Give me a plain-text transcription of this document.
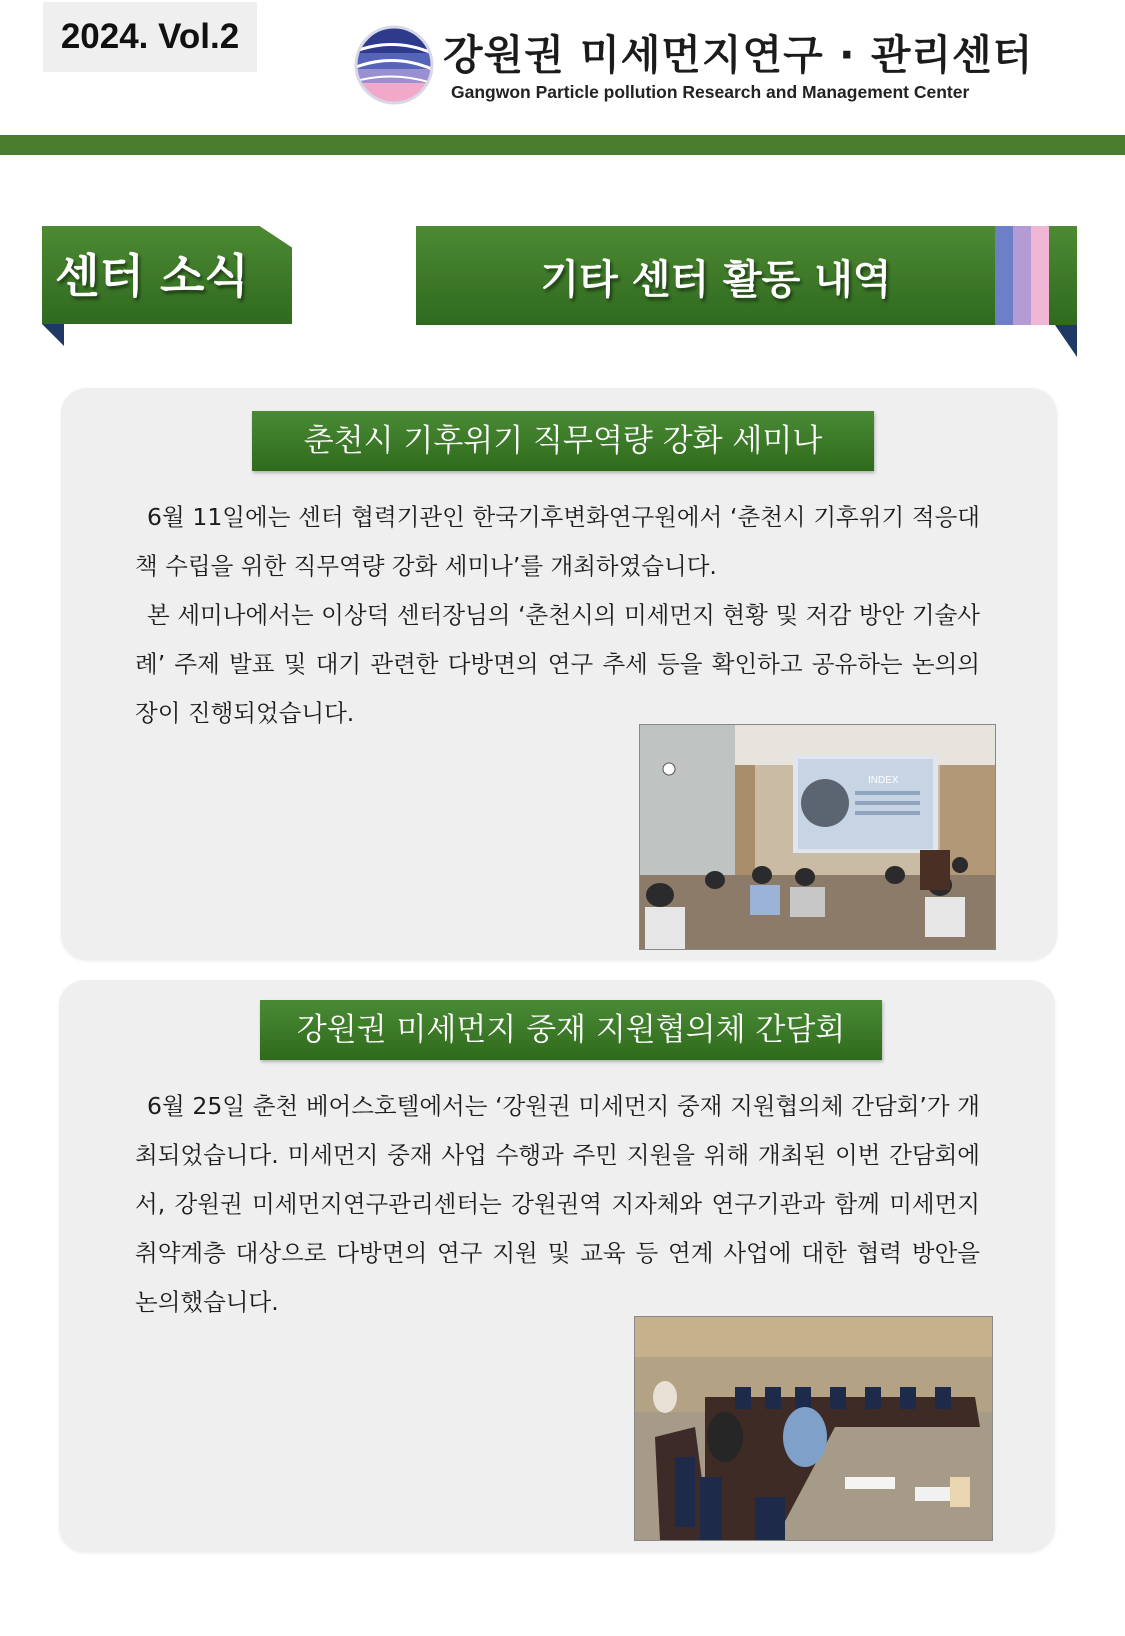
2024. Vol.2	강원권 미세먼지연구 · 관리센터
Gangwon Particle pollution Research and Management Center
센터 소식	기타 센터 활동 내역
춘천시 기후위기 직무역량 강화 세미나

6월 11일에는 센터 협력기관인 한국기후변화연구원에서 ‘춘천시 기후위기 적응대책 수립을 위한 직무역량 강화 세미나’를 개최하였습니다.

본 세미나에서는 이상덕 센터장님의 ‘춘천시의 미세먼지 현황 및 저감 방안 기술사례’ 주제 발표 및 대기 관련한 다방면의 연구 추세 등을 확인하고 공유하는 논의의 장이 진행되었습니다.

INDEX
강원권 미세먼지 중재 지원협의체 간담회

6월 25일 춘천 베어스호텔에서는 ‘강원권 미세먼지 중재 지원협의체 간담회’가 개최되었습니다. 미세먼지 중재 사업 수행과 주민 지원을 위해 개최된 이번 간담회에서, 강원권 미세먼지연구관리센터는 강원권역 지자체와 연구기관과 함께 미세먼지 취약계층 대상으로 다방면의 연구 지원 및 교육 등 연계 사업에 대한 협력 방안을 논의했습니다.
